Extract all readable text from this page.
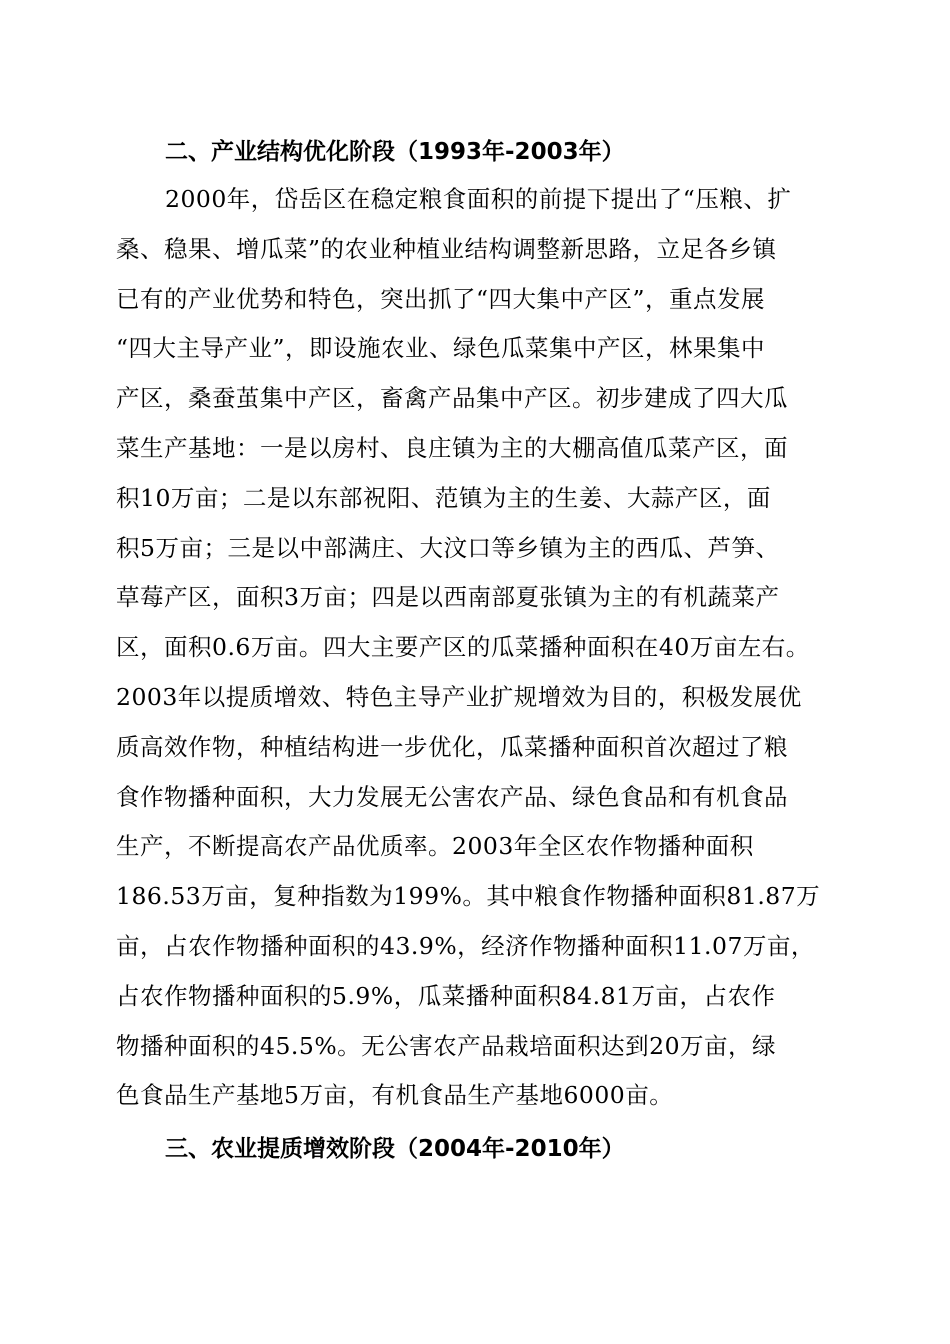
二、产业结构优化阶段（1993年-2003年）
2000年，岱岳区在稳定粮食面积的前提下提出了“压粮、扩
桑、稳果、增瓜菜”的农业种植业结构调整新思路，立足各乡镇
已有的产业优势和特色，突出抓了“四大集中产区”，重点发展
“四大主导产业”，即设施农业、绿色瓜菜集中产区，林果集中
产区，桑蚕茧集中产区，畜禽产品集中产区。初步建成了四大瓜
菜生产基地：一是以房村、良庄镇为主的大棚高值瓜菜产区，面
积10万亩；二是以东部祝阳、范镇为主的生姜、大蒜产区，面
积5万亩；三是以中部满庄、大汶口等乡镇为主的西瓜、芦笋、
草莓产区，面积3万亩；四是以西南部夏张镇为主的有机蔬菜产
区，面积0.6万亩。四大主要产区的瓜菜播种面积在40万亩左右。
2003年以提质增效、特色主导产业扩规增效为目的，积极发展优
质高效作物，种植结构进一步优化，瓜菜播种面积首次超过了粮
食作物播种面积，大力发展无公害农产品、绿色食品和有机食品
生产，不断提高农产品优质率。2003年全区农作物播种面积
186.53万亩，复种指数为199%。其中粮食作物播种面积81.87万
亩，占农作物播种面积的43.9%，经济作物播种面积11.07万亩，
占农作物播种面积的5.9%，瓜菜播种面积84.81万亩，占农作
物播种面积的45.5%。无公害农产品栽培面积达到20万亩，绿
色食品生产基地5万亩，有机食品生产基地6000亩。
三、农业提质增效阶段（2004年-2010年）
